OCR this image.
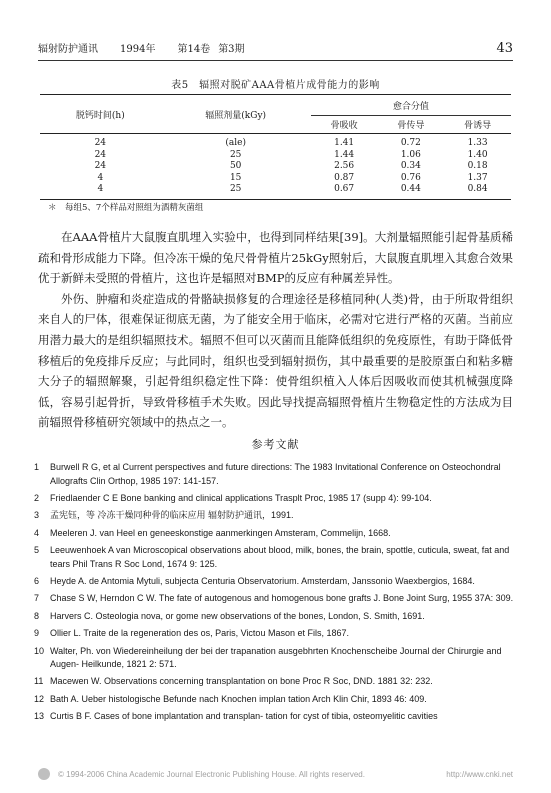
辐射防护通讯 1994年 第14卷 第3期	43
表5　辐照对脱矿AAA骨植片成骨能力的影响
脱钙时间(h)	辐照剂量(kGy)	愈合分值		
		骨吸收	骨传导	骨诱导
24	(ale)	1.41	0.72	1.33
24	25	1.44	1.06	1.40
24	50	2.56	0.34	0.18
4	15	0.87	0.76	1.37
4	25	0.67	0.44	0.84
＊　每组5、7个样品对照组为酒精灰菌组

在AAA骨植片大鼠腹直肌埋入实验中，也得到同样结果[39]。大剂量辐照能引起骨基质稀疏和骨形成能力下降。但冷冻干燥的兔尺骨骨植片25kGy照射后，大鼠腹直肌埋入其愈合效果优于新鲜未受照的骨植片，这也许是辐照对BMP的反应有种属差异性。
外伤、肿瘤和炎症造成的骨骼缺损修复的合理途径是移植同种(人类)骨，由于所取骨组织来自人的尸体，很难保证彻底无菌，为了能安全用于临床，必需对它进行严格的灭菌。当前应用潜力最大的是组织辐照技术。辐照不但可以灭菌而且能降低组织的免疫原性，有助于降低骨移植后的免疫排斥反应；与此同时，组织也受到辐射损伤，其中最重要的是胶原蛋白和粘多糖大分子的辐照解聚，引起骨组织稳定性下降：使骨组织植入人体后因吸收而使其机械强度降低，容易引起骨折，导致骨移植手术失败。因此导找提高辐照骨植片生物稳定性的方法成为目前辐照骨移植研究领域中的热点之一。

参考文献
1 Burwell R G, et al Current perspectives and future directions: The 1983 Invitational Conference on Osteochondral Allografts Clin Orthop, 1985 197: 141-157.
2 Friedlaender C E Bone banking and clinical applications Trasplt Proc, 1985 17 (supp 4): 99-104.
3 孟宪钰，等 冷冻干燥同种骨的临床应用 辐射防护通讯，1991.
4 Meeleren J. van Heel en geneeskonstige aanmerkingen Amsteram, Commelijn, 1668.
5 Leeuwenhoek A van Microscopical observations about blood, milk, bones, the brain, spottle, cuticula, sweat, fat and tears Phil Trans R Soc Lond, 1674 9: 125.
6 Heyde A. de Antomia Mytuli, subjecta Centuria Observatorium. Amsterdam, Janssonio Waexbergios, 1684.
7 Chase S W, Herndon C W. The fate of autogenous and homogenous bone grafts J. Bone Joint Surg, 1955 37A: 309.
8 Harvers C. Osteologia nova, or gome new observations of the bones, London, S. Smith, 1691.
9 Ollier L. Traite de la regeneration des os, Paris, Victou Mason et Fils, 1867.
10 Walter, Ph. von Wiedereinheilung der bei der trapanation ausgebhrten Knochenscheibe Journal der Chirurgie and Augen- Heilkunde, 1821 2: 571.
11 Macewen W. Observations concerning transplantation on bone Proc R Soc, DND. 1881 32: 232.
12 Bath A. Ueber histologische Befunde nach Knochen implan tation Arch Klin Chir, 1893 46: 409.
13 Curtis B F. Cases of bone implantation and transplan- tation for cyst of tibia, osteomyelitic cavities
© 1994-2006 China Academic Journal Electronic Publishing House. All rights reserved.	http://www.cnki.net
